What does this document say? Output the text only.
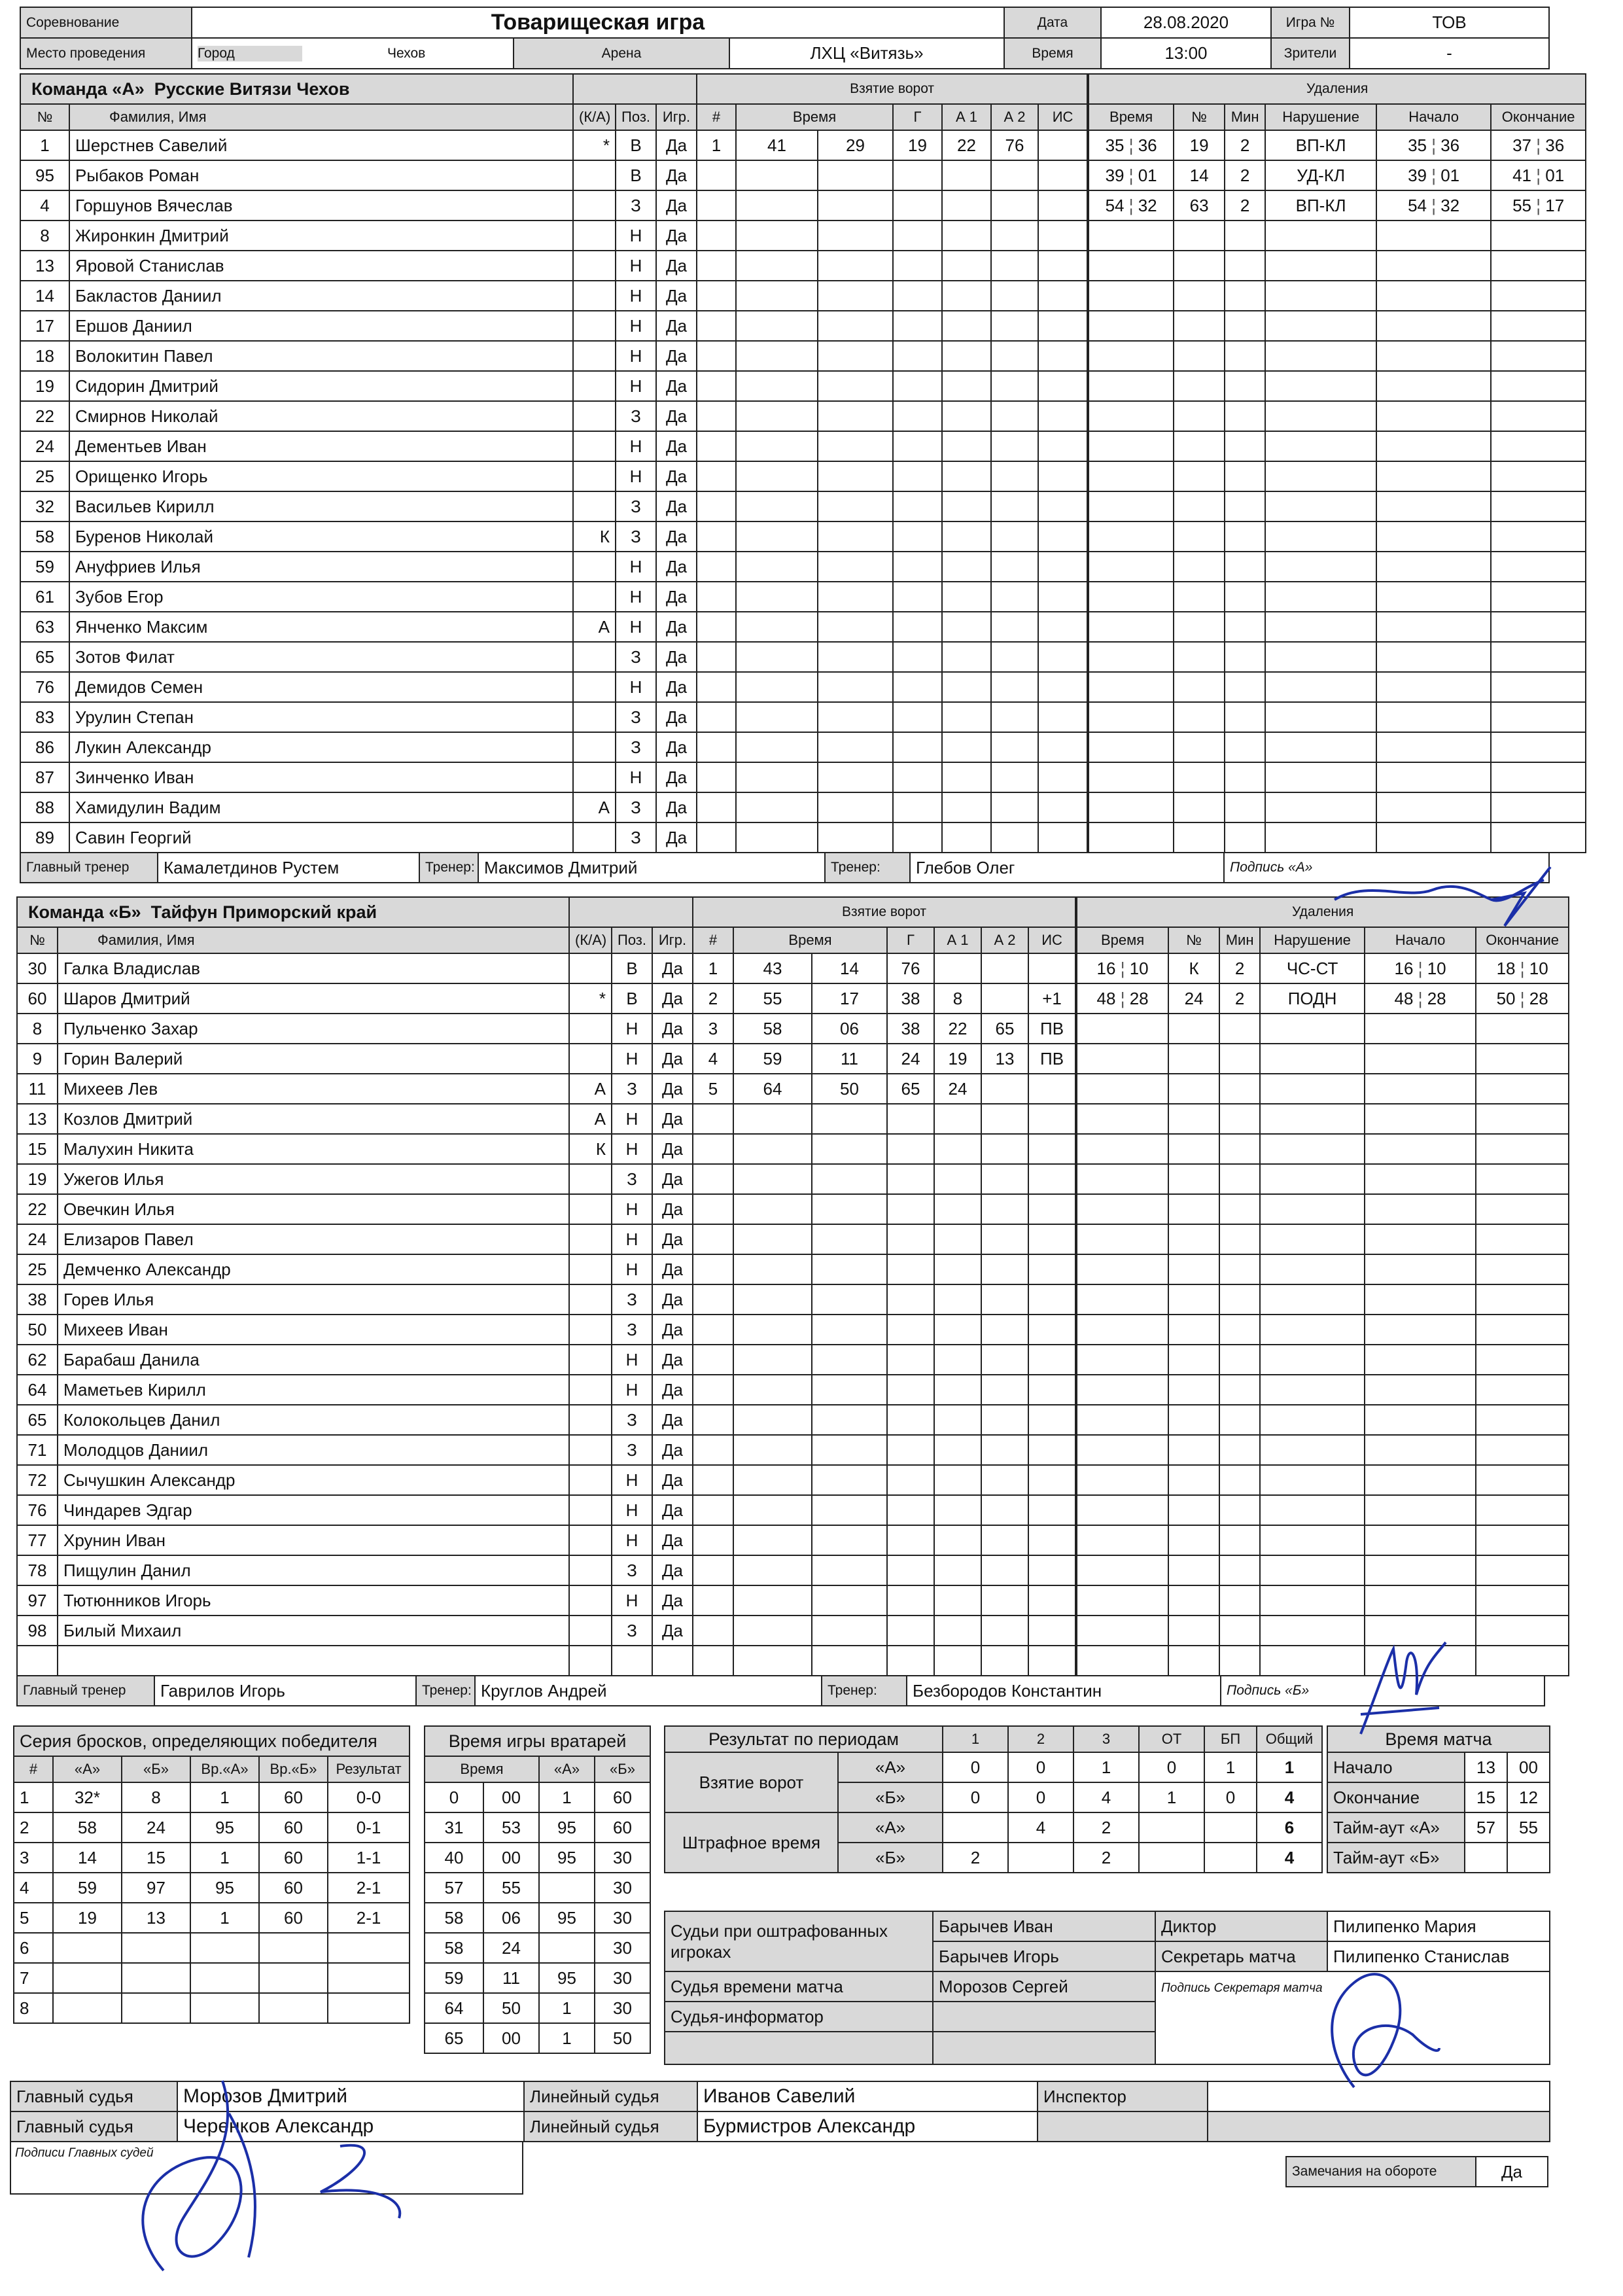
Соревнование	Товарищеская игра			Дата	28.08.2020	Игра №	ТОВ
Место проведения	Город Чехов	Арена	ЛХЦ «Витязь»	Время	13:00	Зрители	-
Команда «А» Русские Витязи Чехов					Взятие ворот								Удаления					
№	Фамилия, Имя	(К/А)	Поз.	Игр.	#	Время		Г	А 1	А 2	ИС		Время	№	Мин	Нарушение	Начало	Окончание
1	Шерстнев Савелий	*	В	Да	1	41	29	19	22	76			35 ¦ 36	19	2	ВП-КЛ	35 ¦ 36	37 ¦ 36
95	Рыбаков Роман		В	Да									39 ¦ 01	14	2	УД-КЛ	39 ¦ 01	41 ¦ 01
4	Горшунов Вячеслав		З	Да									54 ¦ 32	63	2	ВП-КЛ	54 ¦ 32	55 ¦ 17
8	Жиронкин Дмитрий		Н	Да														
13	Яровой Станислав		Н	Да														
14	Бакластов Даниил		Н	Да														
17	Ершов Даниил		Н	Да														
18	Волокитин Павел		Н	Да														
19	Сидорин Дмитрий		Н	Да														
22	Смирнов Николай		З	Да														
24	Дементьев Иван		Н	Да														
25	Орищенко Игорь		Н	Да														
32	Васильев Кирилл		З	Да														
58	Буренов Николай	К	З	Да														
59	Ануфриев Илья		Н	Да														
61	Зубов Егор		Н	Да														
63	Янченко Максим	А	Н	Да														
65	Зотов Филат		З	Да														
76	Демидов Семен		Н	Да														
83	Урулин Степан		З	Да														
86	Лукин Александр		З	Да														
87	Зинченко Иван		Н	Да														
88	Хамидулин Вадим	А	З	Да														
89	Савин Георгий		З	Да														
Главный тренер	Камалетдинов Рустем	Тренер:	Максимов Дмитрий	Тренер:	Глебов Олег	Подпись «А»
Команда «Б» Тайфун Приморский край					Взятие ворот								Удаления					
№	Фамилия, Имя	(К/А)	Поз.	Игр.	#	Время		Г	А 1	А 2	ИС		Время	№	Мин	Нарушение	Начало	Окончание
30	Галка Владислав		В	Да	1	43	14	76					16 ¦ 10	К	2	ЧС-СТ	16 ¦ 10	18 ¦ 10
60	Шаров Дмитрий	*	В	Да	2	55	17	38	8		+1		48 ¦ 28	24	2	ПОДН	48 ¦ 28	50 ¦ 28
8	Пульченко Захар		Н	Да	3	58	06	38	22	65	ПВ							
9	Горин Валерий		Н	Да	4	59	11	24	19	13	ПВ							
11	Михеев Лев	А	З	Да	5	64	50	65	24									
13	Козлов Дмитрий	А	Н	Да														
15	Малухин Никита	К	Н	Да														
19	Ужегов Илья		З	Да														
22	Овечкин Илья		Н	Да														
24	Елизаров Павел		Н	Да														
25	Демченко Александр		Н	Да														
38	Горев Илья		З	Да														
50	Михеев Иван		З	Да														
62	Барабаш Данила		Н	Да														
64	Маметьев Кирилл		Н	Да														
65	Колокольцев Данил		З	Да														
71	Молодцов Даниил		З	Да														
72	Сычушкин Александр		Н	Да														
76	Чиндарев Эдгар		Н	Да														
77	Хрунин Иван		Н	Да														
78	Пищулин Данил		З	Да														
97	Тютюнников Игорь		Н	Да														
98	Билый Михаил		З	Да														

Главный тренер	Гаврилов Игорь	Тренер:	Круглов Андрей	Тренер:	Безбородов Константин	Подпись «Б»
Серия бросков, определяющих победителя					
#	«А»	«Б»	Вр.«А»	Вр.«Б»	Результат
1	32*	8	1	60	0-0
2	58	24	95	60	0-1
3	14	15	1	60	1-1
4	59	97	95	60	2-1
5	19	13	1	60	2-1
6					
7					
8					
Время игры вратарей			
Время		«А»	«Б»
0	00	1	60
31	53	95	60
40	00	95	30
57	55		30
58	06	95	30
58	24		30
59	11	95	30
64	50	1	30
65	00	1	50
Результат по периодам		1	2	3	ОТ	БП	Общий
Взятие ворот	«А»	0	0	1	0	1	1
	«Б»	0	0	4	1	0	4
Штрафное время	«А»		4	2			6
	«Б»	2		2			4
Время матча		
Начало	13	00
Окончание	15	12
Тайм-аут «А»	57	55
Тайм-аут «Б»		
Судьи при оштрафованных игроках	Барычев Иван	Диктор	Пилипенко Мария
	Барычев Игорь	Секретарь матча	Пилипенко Станислав
Судья времени матча	Морозов Сергей	Подпись Секретаря матча	
Судья-информатор			

Главный судья	Морозов Дмитрий	Линейный судья	Иванов Савелий	Инспектор	
Главный судья	Черенков Александр	Линейный судья	Бурмистров Александр		
Подписи Главных судей
Замечания на обороте	Да
